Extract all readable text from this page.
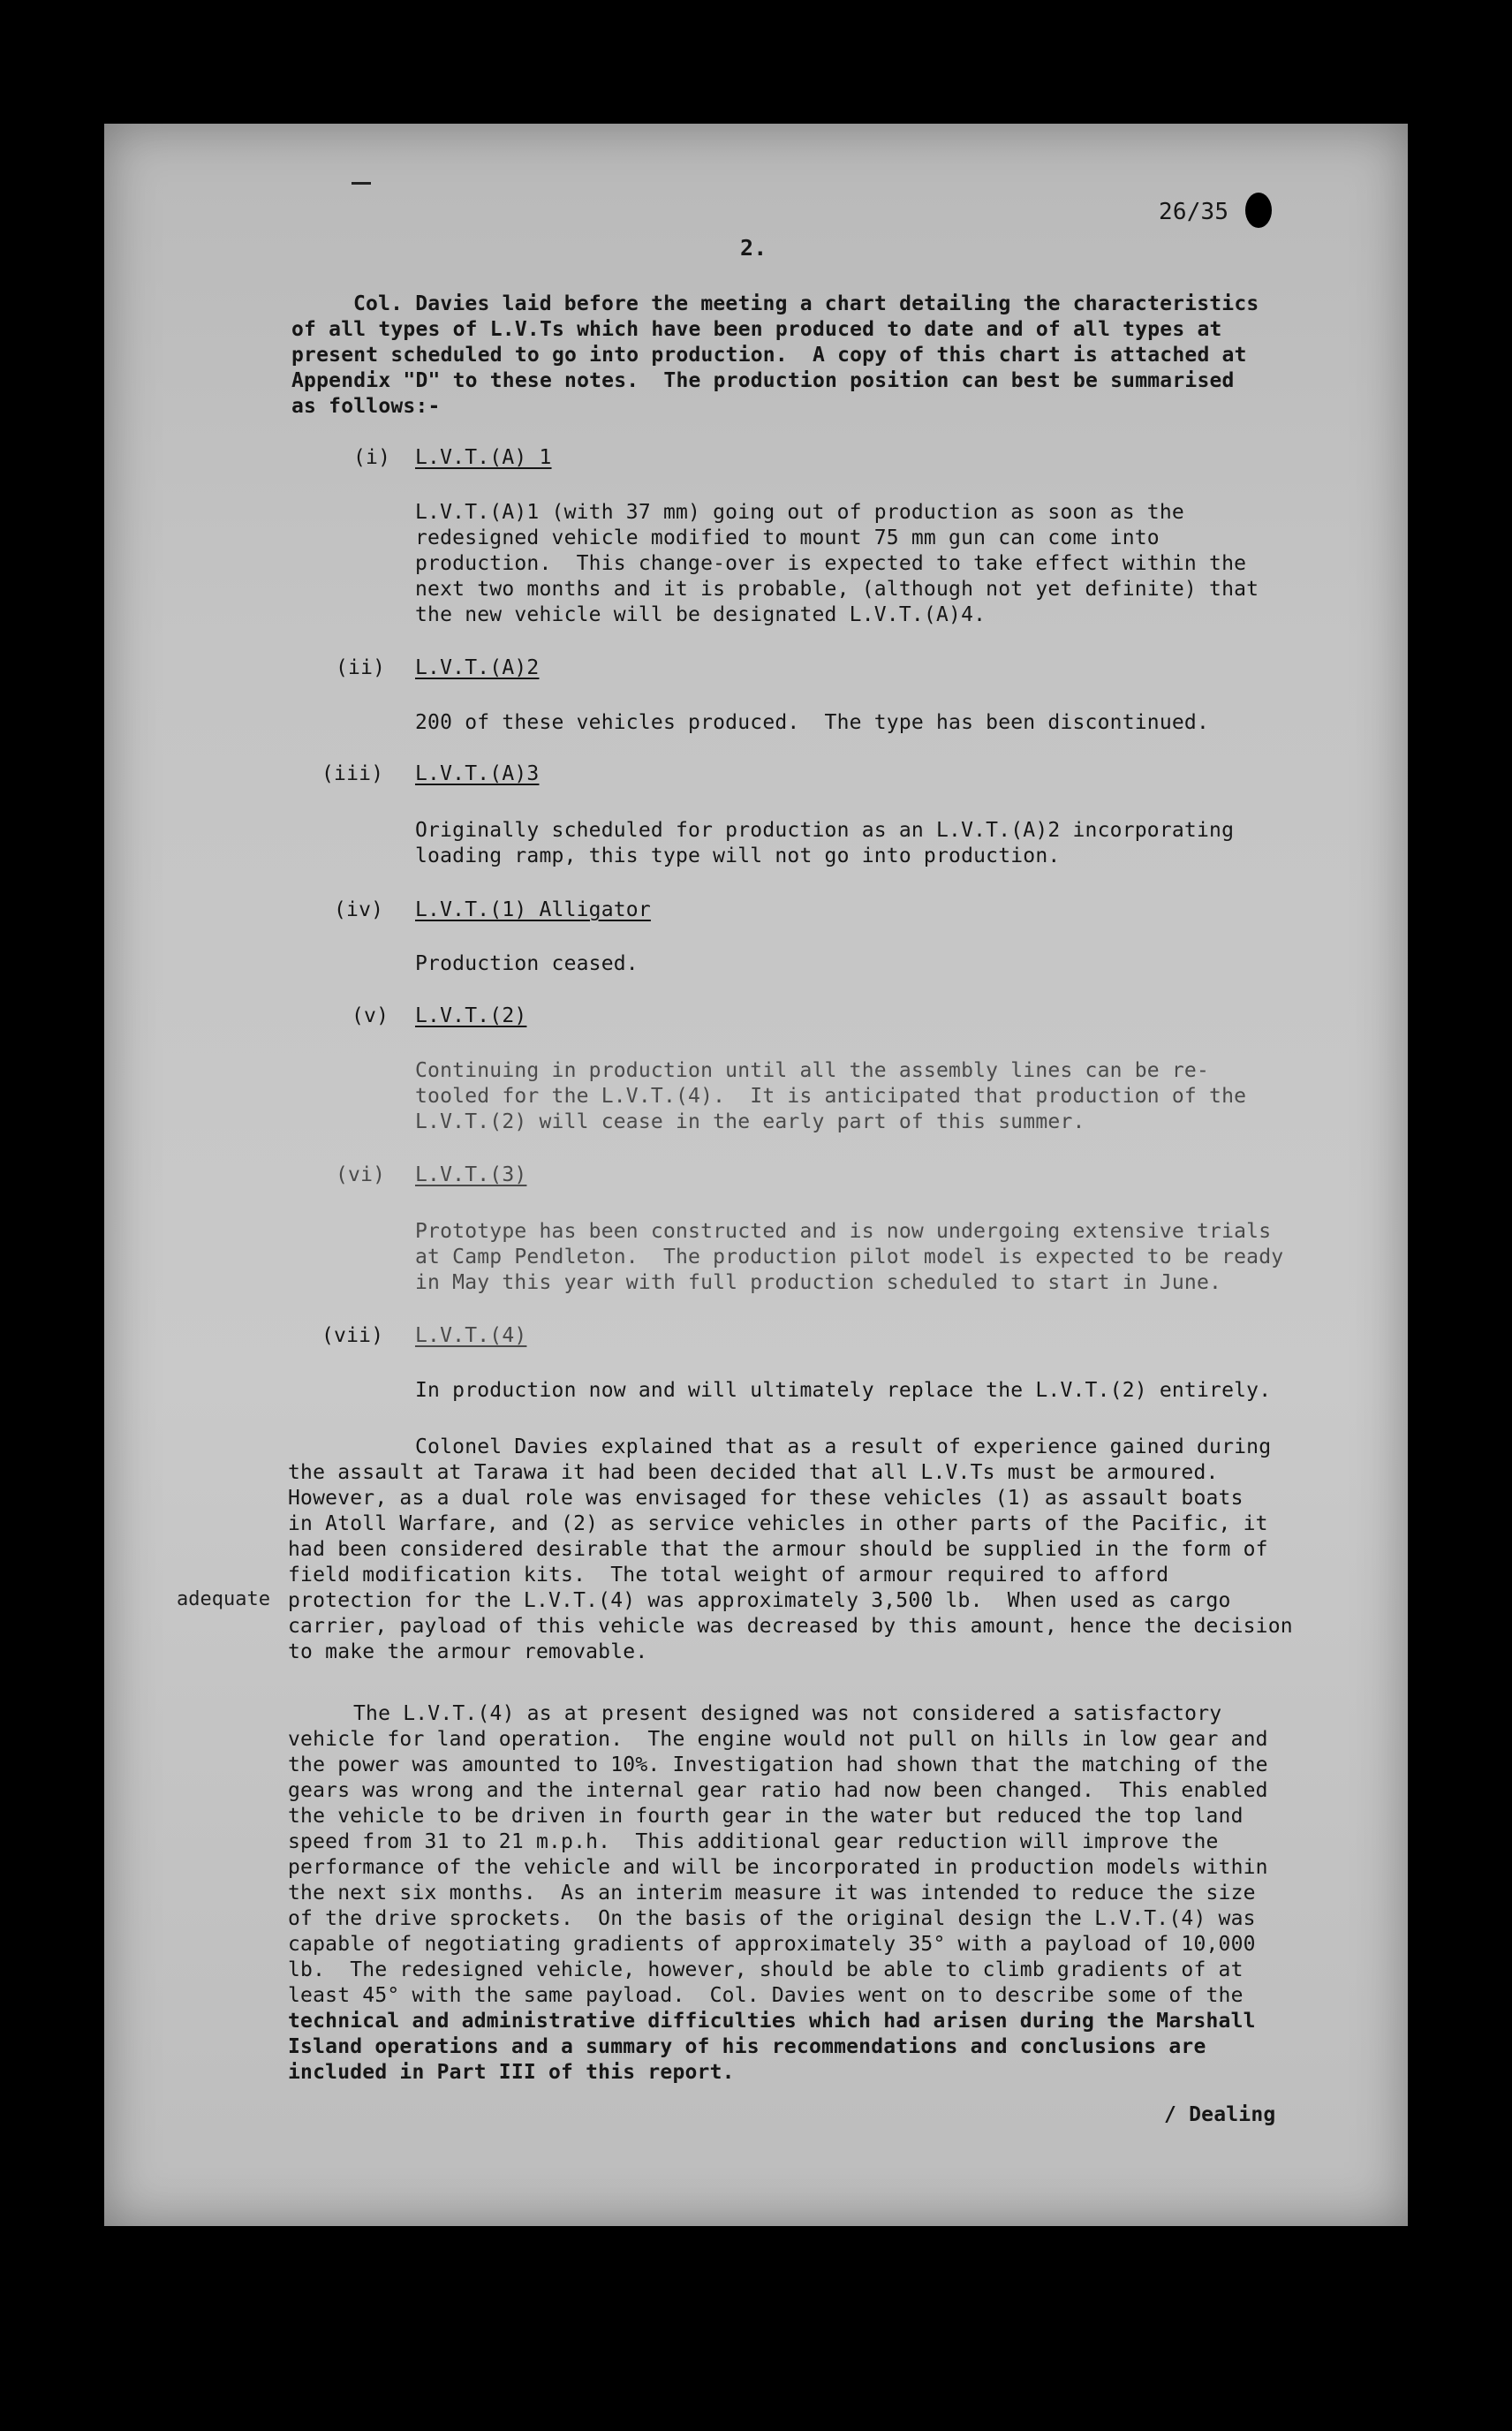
26/35
2.
Col. Davies laid before the meeting a chart detailing the characteristics
of all types of L.V.Ts which have been produced to date and of all types at
present scheduled to go into production.  A copy of this chart is attached at
Appendix "D" to these notes.  The production position can best be summarised
as follows:-
(i) L.V.T.(A) 1
L.V.T.(A)1 (with 37 mm) going out of production as soon as the
redesigned vehicle modified to mount 75 mm gun can come into
production.  This change-over is expected to take effect within the
next two months and it is probable, (although not yet definite) that
the new vehicle will be designated L.V.T.(A)4.
(ii) L.V.T.(A)2
200 of these vehicles produced.  The type has been discontinued.
(iii) L.V.T.(A)3
Originally scheduled for production as an L.V.T.(A)2 incorporating
loading ramp, this type will not go into production.
(iv) L.V.T.(1) Alligator
Production ceased.
(v) L.V.T.(2)
Continuing in production until all the assembly lines can be re-
tooled for the L.V.T.(4).  It is anticipated that production of the
L.V.T.(2) will cease in the early part of this summer.
(vi) L.V.T.(3)
Prototype has been constructed and is now undergoing extensive trials
at Camp Pendleton.  The production pilot model is expected to be ready
in May this year with full production scheduled to start in June.
(vii) L.V.T.(4)
In production now and will ultimately replace the L.V.T.(2) entirely.
Colonel Davies explained that as a result of experience gained during
the assault at Tarawa it had been decided that all L.V.Ts must be armoured.
However, as a dual role was envisaged for these vehicles (1) as assault boats
in Atoll Warfare, and (2) as service vehicles in other parts of the Pacific, it
had been considered desirable that the armour should be supplied in the form of
field modification kits.  The total weight of armour required to afford
protection for the L.V.T.(4) was approximately 3,500 lb.  When used as cargo
carrier, payload of this vehicle was decreased by this amount, hence the decision
to make the armour removable.
adequate
The L.V.T.(4) as at present designed was not considered a satisfactory
vehicle for land operation.  The engine would not pull on hills in low gear and
the power was amounted to 10%. Investigation had shown that the matching of the
gears was wrong and the internal gear ratio had now been changed.  This enabled
the vehicle to be driven in fourth gear in the water but reduced the top land
speed from 31 to 21 m.p.h.  This additional gear reduction will improve the
performance of the vehicle and will be incorporated in production models within
the next six months.  As an interim measure it was intended to reduce the size
of the drive sprockets.  On the basis of the original design the L.V.T.(4) was
capable of negotiating gradients of approximately 35° with a payload of 10,000
lb.  The redesigned vehicle, however, should be able to climb gradients of at
least 45° with the same payload.  Col. Davies went on to describe some of the
technical and administrative difficulties which had arisen during the Marshall
Island operations and a summary of his recommendations and conclusions are
included in Part III of this report.
/ Dealing
